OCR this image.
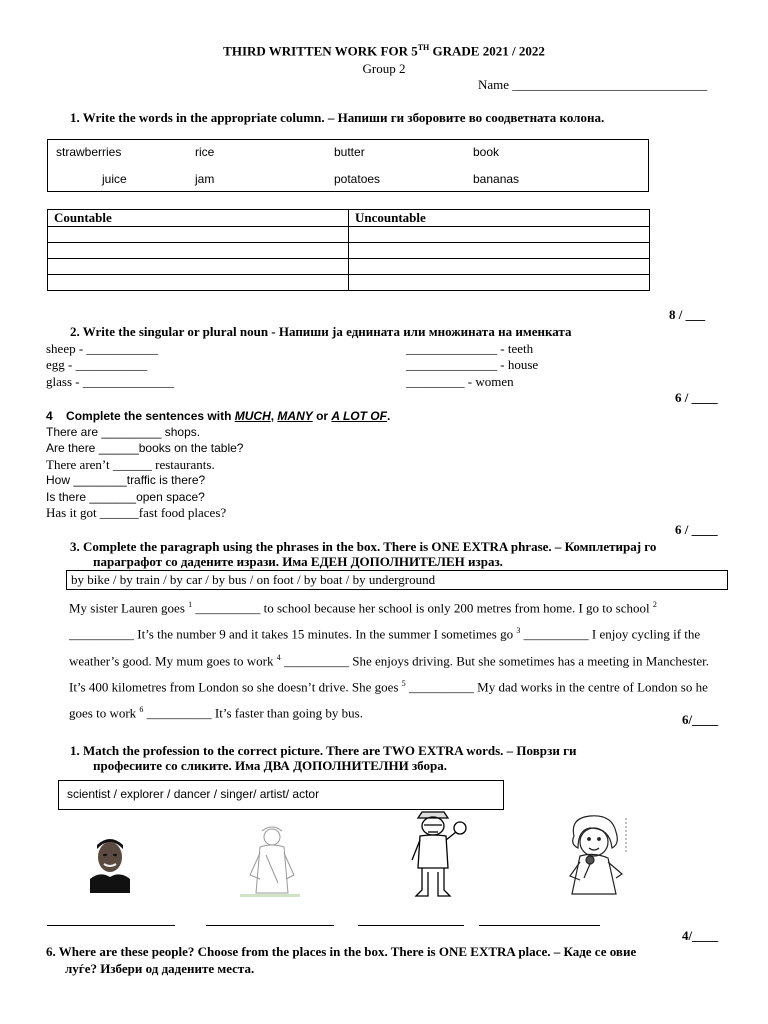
THIRD WRITTEN WORK FOR 5TH GRADE 2021 / 2022
Group 2
Name ______________________________
1. Write the words in the appropriate column. – Напиши ги зборовите во соодветната колона.
strawberries	rice	butter	book
juice	jam	potatoes	bananas
Countable	Uncountable

8 / ___
2. Write the singular or plural noun - Напиши ја еднината или множината на именката
sheep - ___________
egg - ___________
glass - ______________
______________ - teeth
______________ - house
_________ - women
6 / ____
4 Complete the sentences with MUCH, MANY or A LOT OF.
There are _________ shops.
Are there ______books on the table?
There aren’t ______ restaurants.
How ________traffic is there?
Is there _______open space?
Has it got ______fast food places?
6 / ____
3. Complete the paragraph using the phrases in the box. There is ONE EXTRA phrase. – Комплетирај го
параграфот со дадените изрази. Има ЕДЕН ДОПОЛНИТЕЛЕН израз.
by bike / by train / by car / by bus / on foot / by boat / by underground
My sister Lauren goes $^1$ __________ to school because her school is only 200 metres from home. I go to school $^2$ __________ It’s the number 9 and it takes 15 minutes. In the summer I sometimes go $^3$ __________ I enjoy cycling if the weather’s good. My mum goes to work $^4$ __________ She enjoys driving. But she sometimes has a meeting in Manchester. It’s 400 kilometres from London so she doesn’t drive. She goes $^5$ __________ My dad works in the centre of London so he goes to work $^6$ __________ It’s faster than going by bus.	6/____
1. Match the profession to the correct picture. There are TWO EXTRA words. – Поврзи ги
професиите со сликите. Има ДВА ДОПОЛНИТЕЛНИ збора.
scientist / explorer / dancer / singer/ artist/ actor
4/____
6. Where are these people? Choose from the places in the box. There is ONE EXTRA place. – Каде се овие
луѓе? Избери од дадените места.
